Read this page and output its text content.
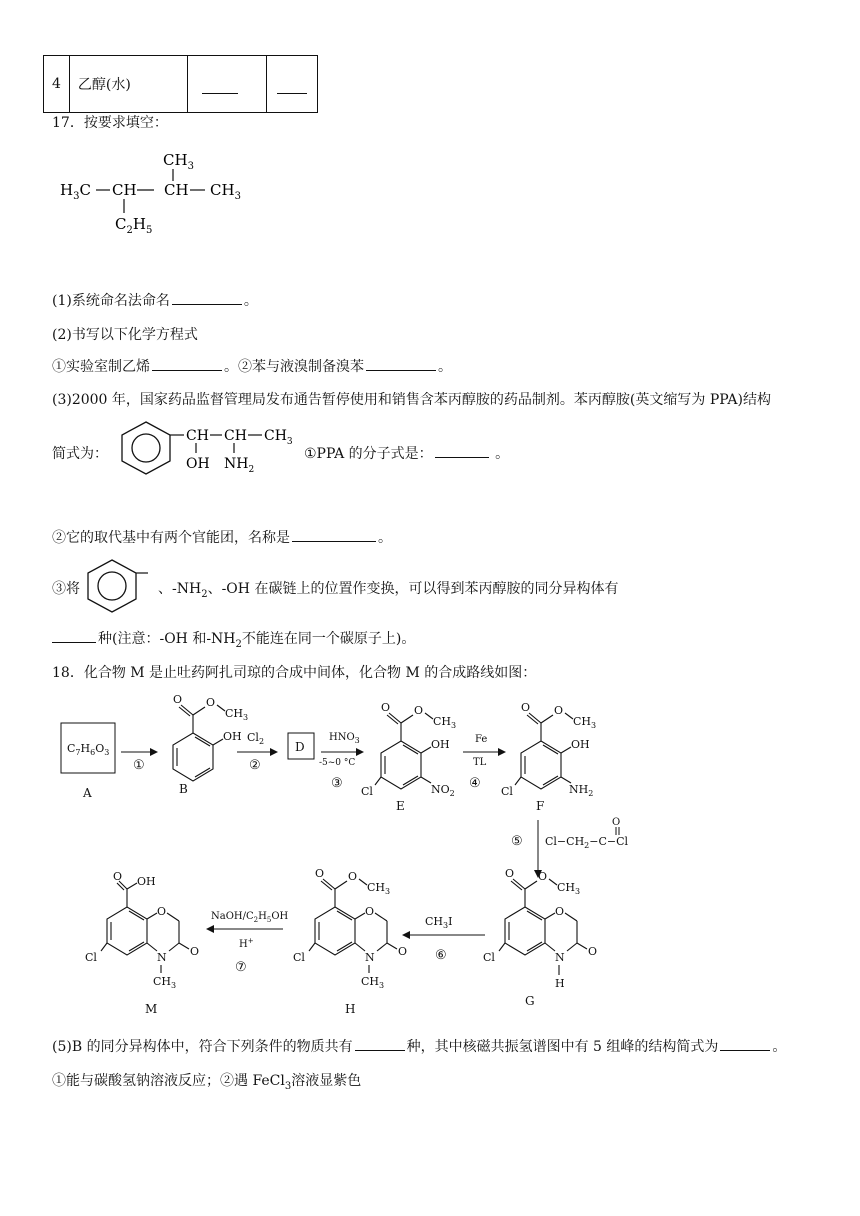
4	乙醇(水)		
17．按要求填空：
$CH_3$
$H_3C$ CH CH $CH_3$
$C_2H_5$
(1)系统命名法命名	。
(2)书写以下化学方程式
①实验室制乙烯	。②苯与液溴制备溴苯	。
(3)2000 年，国家药品监督管理局发布通告暂停使用和销售含苯丙醇胺的药品制剂。苯丙醇胺(英文缩写为 PPA)结构
简式为：
CH CH $CH_3$
OH $NH_2$
①PPA 的分子式是：	。
②它的取代基中有两个官能团，名称是	。
③将	、$-NH_2$、-OH 在碳链上的位置作变换，可以得到苯丙醇胺的同分异构体有
种(注意：-OH 和$-NH_2$不能连在同一个碳原子上)。
18．化合物 M 是止吐药阿扎司琼的合成中间体，化合物 M 的合成路线如图：
$C_7H_6O_3$
A
①
O O
$CH_3$
OH
B
$Cl_2$
②
D
$HNO_3$
-5~0 °C
③
O O
$CH_3$
OH
$NO_2$
Cl
E
Fe
TL
④
O O
$CH_3$
OH
$NH_2$
Cl
F
⑤ $Cl-CH_2-C-Cl$
O
O O
$CH_3$
O
O
N
H
Cl
G
$CH_3I$
⑥
O O
$CH_3$
O
O
N
$CH_3$
Cl
H
NaOH/$C_2H_5OH$
H+
⑦
O OH
O
O
N
$CH_3$
Cl
M
(5)B 的同分异构体中，符合下列条件的物质共有	种，其中核磁共振氢谱图中有 5 组峰的结构简式为	。
①能与碳酸氢钠溶液反应；②遇 FeCl$_3$溶液显紫色
